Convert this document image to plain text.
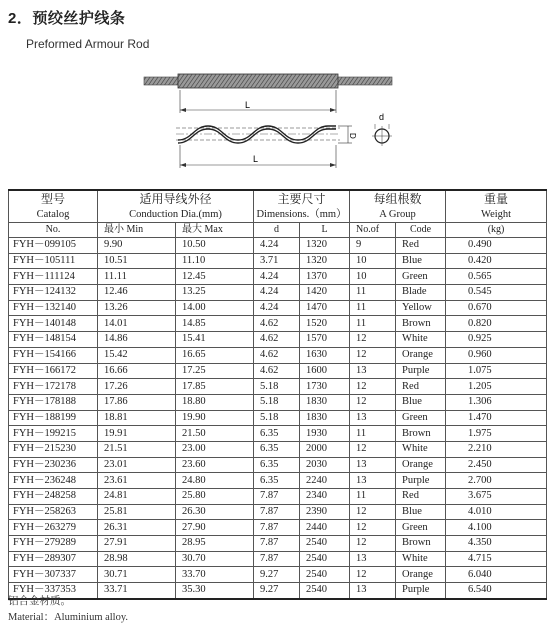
2．预绞丝护线条
Preformed Armour Rod
L
D
L
d
型号	适用导线外径		主要尺寸		每组根数		重量
Catalog	Conduction Dia.(mm)		Dimensions.（mm）		A Group		Weight
No.	最小 Min	最大 Max	d	L	No.of	Code	(kg)
FYH－099105	9.90	10.50	4.24	1320	9	Red	0.490
FYH－105111	10.51	11.10	3.71	1320	10	Blue	0.420
FYH－111124	11.11	12.45	4.24	1370	10	Green	0.565
FYH－124132	12.46	13.25	4.24	1420	11	Blade	0.545
FYH－132140	13.26	14.00	4.24	1470	11	Yellow	0.670
FYH－140148	14.01	14.85	4.62	1520	11	Brown	0.820
FYH－148154	14.86	15.41	4.62	1570	12	White	0.925
FYH－154166	15.42	16.65	4.62	1630	12	Orange	0.960
FYH－166172	16.66	17.25	4.62	1600	13	Purple	1.075
FYH－172178	17.26	17.85	5.18	1730	12	Red	1.205
FYH－178188	17.86	18.80	5.18	1830	12	Blue	1.306
FYH－188199	18.81	19.90	5.18	1830	13	Green	1.470
FYH－199215	19.91	21.50	6.35	1930	11	Brown	1.975
FYH－215230	21.51	23.00	6.35	2000	12	White	2.210
FYH－230236	23.01	23.60	6.35	2030	13	Orange	2.450
FYH－236248	23.61	24.80	6.35	2240	13	Purple	2.700
FYH－248258	24.81	25.80	7.87	2340	11	Red	3.675
FYH－258263	25.81	26.30	7.87	2390	12	Blue	4.010
FYH－263279	26.31	27.90	7.87	2440	12	Green	4.100
FYH－279289	27.91	28.95	7.87	2540	12	Brown	4.350
FYH－289307	28.98	30.70	7.87	2540	13	White	4.715
FYH－307337	30.71	33.70	9.27	2540	12	Orange	6.040
FYH－337353	33.71	35.30	9.27	2540	13	Purple	6.540
铝合金材质。
Material：Aluminium alloy.
